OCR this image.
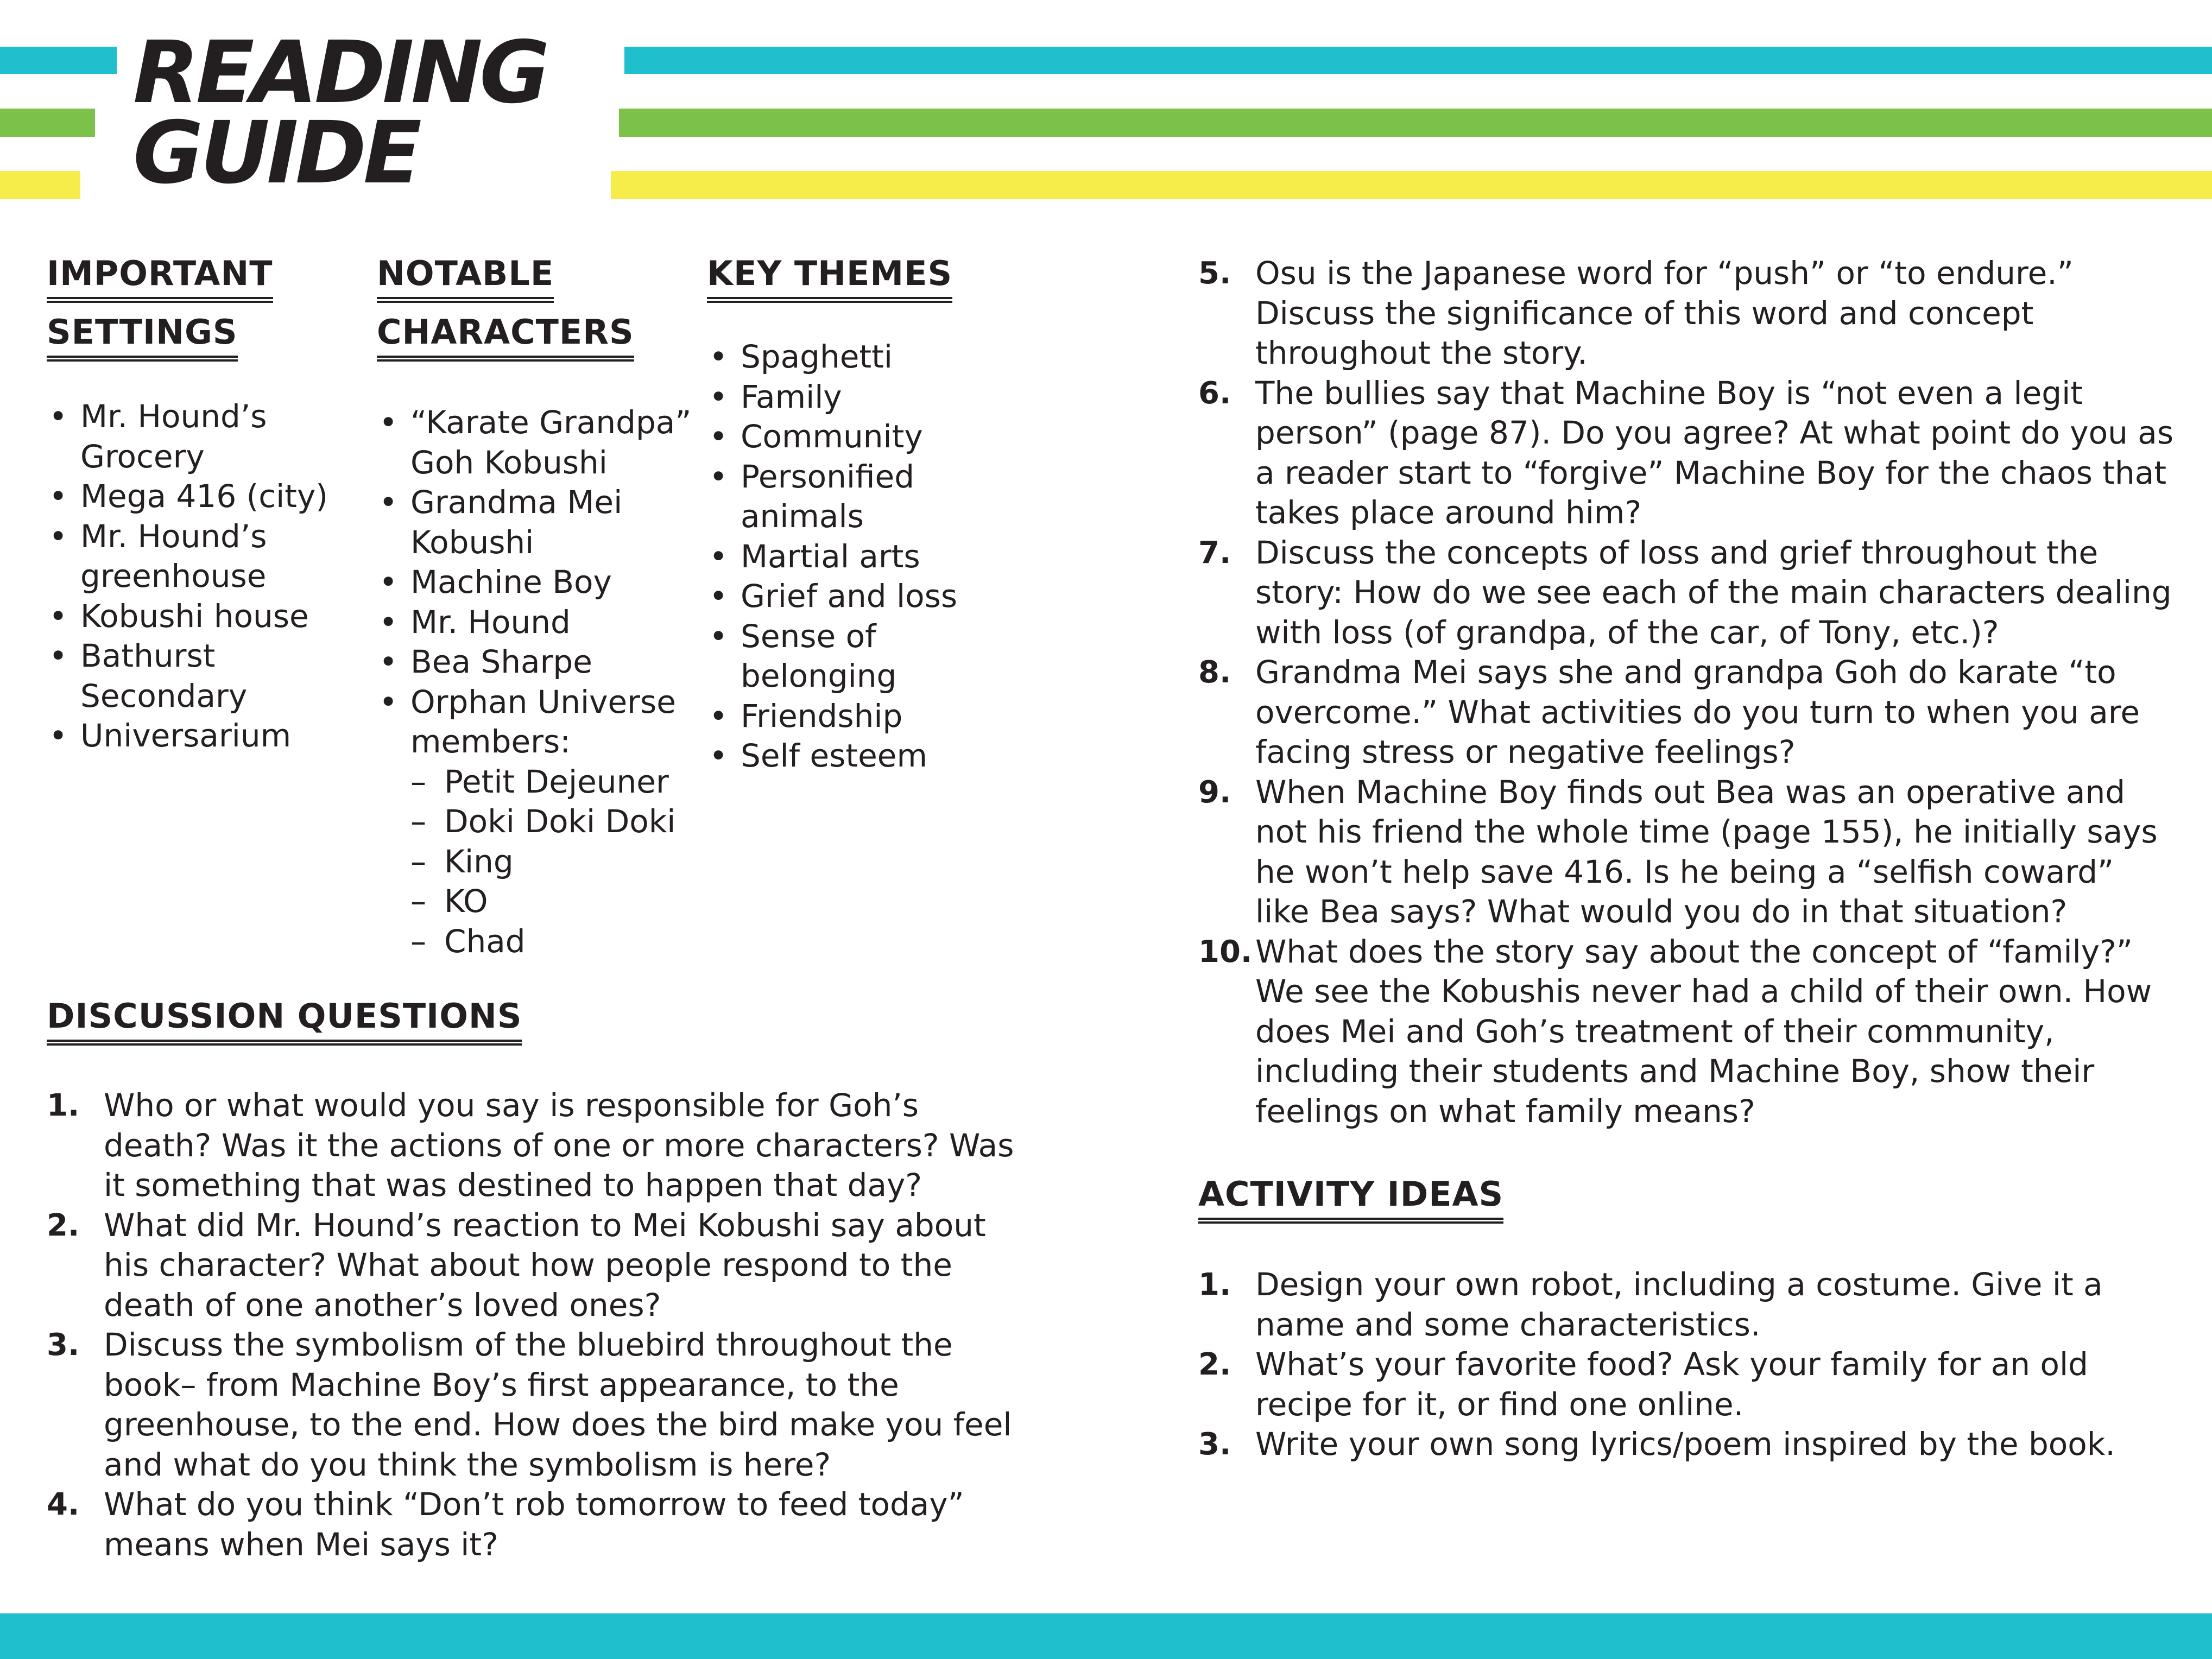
READING
GUIDE
IMPORTANT
SETTINGS
• Mr. Hound’s Grocery
• Mega 416 (city)
• Mr. Hound’s greenhouse
• Kobushi house
• Bathurst Secondary
• Universarium
NOTABLE
CHARACTERS
• “Karate Grandpa” Goh Kobushi
• Grandma Mei Kobushi
• Machine Boy
• Mr. Hound
• Bea Sharpe
• Orphan Universe members:
– Petit Dejeuner
– Doki Doki Doki
– King
– KO
– Chad
KEY THEMES
• Spaghetti
• Family
• Community
• Personified animals
• Martial arts
• Grief and loss
• Sense of belonging
• Friendship
• Self esteem
DISCUSSION QUESTIONS
1. Who or what would you say is responsible for Goh’s death? Was it the actions of one or more characters? Was it something that was destined to happen that day?
2. What did Mr. Hound’s reaction to Mei Kobushi say about his character? What about how people respond to the death of one another’s loved ones?
3. Discuss the symbolism of the bluebird throughout the book– from Machine Boy’s first appearance, to the greenhouse, to the end. How does the bird make you feel and what do you think the symbolism is here?
4. What do you think “Don’t rob tomorrow to feed today” means when Mei says it?
5. Osu is the Japanese word for “push” or “to endure.” Discuss the significance of this word and concept throughout the story.
6. The bullies say that Machine Boy is “not even a legit person” (page 87). Do you agree? At what point do you as a reader start to “forgive” Machine Boy for the chaos that takes place around him?
7. Discuss the concepts of loss and grief throughout the story: How do we see each of the main characters dealing with loss (of grandpa, of the car, of Tony, etc.)?
8. Grandma Mei says she and grandpa Goh do karate “to overcome.” What activities do you turn to when you are facing stress or negative feelings?
9. When Machine Boy finds out Bea was an operative and not his friend the whole time (page 155), he initially says he won’t help save 416. Is he being a “selfish coward” like Bea says? What would you do in that situation?
10. What does the story say about the concept of “family?” We see the Kobushis never had a child of their own. How does Mei and Goh’s treatment of their community, including their students and Machine Boy, show their feelings on what family means?
ACTIVITY IDEAS
1. Design your own robot, including a costume. Give it a name and some characteristics.
2. What’s your favorite food? Ask your family for an old recipe for it, or find one online.
3. Write your own song lyrics/poem inspired by the book.
